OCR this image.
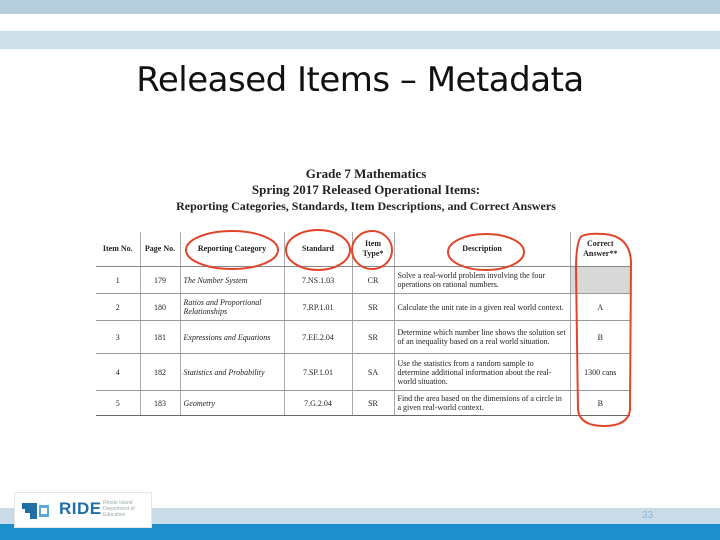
Released Items – Metadata
Grade 7 Mathematics
Spring 2017 Released Operational Items:
Reporting Categories, Standards, Item Descriptions, and Correct Answers
Item No.	Page No.	Reporting Category	Standard	Item Type*	Description	Correct Answer**
1	179	The Number System	7.NS.1.03	CR	Solve a real-world problem involving the four operations on rational numbers.	
2	180	Ratios and Proportional Relationships	7.RP.1.01	SR	Calculate the unit rate in a given real world context.	A
3	181	Expressions and Equations	7.EE.2.04	SR	Determine which number line shows the solution set of an inequality based on a real world situation.	B
4	182	Statistics and Probability	7.SP.1.01	SA	Use the statistics from a random sample to determine additional information about the real-world situation.	1300 cans
5	183	Geometry	7.G.2.04	SR	Find the area based on the dimensions of a circle in a given real-world context.	B
RIDE Rhode Island Department of Education	33
